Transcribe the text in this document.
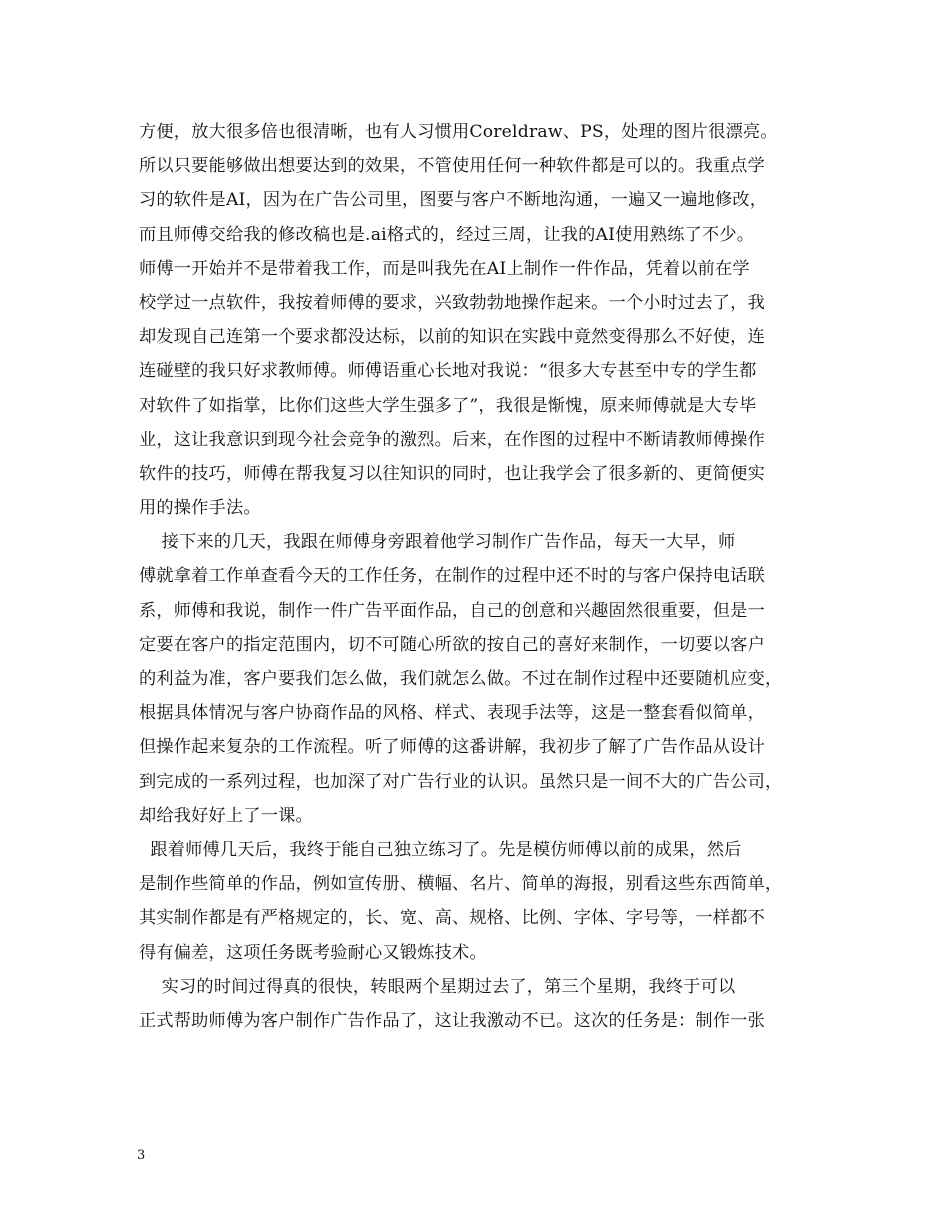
方便，放大很多倍也很清晰，也有人习惯用Coreldraw、PS，处理的图片很漂亮。
所以只要能够做出想要达到的效果，不管使用任何一种软件都是可以的。我重点学
习的软件是AI，因为在广告公司里，图要与客户不断地沟通，一遍又一遍地修改，
而且师傅交给我的修改稿也是.ai格式的，经过三周，让我的AI使用熟练了不少。
师傅一开始并不是带着我工作，而是叫我先在AI上制作一件作品，凭着以前在学
校学过一点软件，我按着师傅的要求，兴致勃勃地操作起来。一个小时过去了，我
却发现自己连第一个要求都没达标，以前的知识在实践中竟然变得那么不好使，连
连碰壁的我只好求教师傅。师傅语重心长地对我说：“很多大专甚至中专的学生都
对软件了如指掌，比你们这些大学生强多了”，我很是惭愧，原来师傅就是大专毕
业，这让我意识到现今社会竞争的激烈。后来，在作图的过程中不断请教师傅操作
软件的技巧，师傅在帮我复习以往知识的同时，也让我学会了很多新的、更简便实
用的操作手法。
接下来的几天，我跟在师傅身旁跟着他学习制作广告作品，每天一大早，师
傅就拿着工作单查看今天的工作任务，在制作的过程中还不时的与客户保持电话联
系，师傅和我说，制作一件广告平面作品，自己的创意和兴趣固然很重要，但是一
定要在客户的指定范围内，切不可随心所欲的按自己的喜好来制作，一切要以客户
的利益为准，客户要我们怎么做，我们就怎么做。不过在制作过程中还要随机应变，
根据具体情况与客户协商作品的风格、样式、表现手法等，这是一整套看似简单，
但操作起来复杂的工作流程。听了师傅的这番讲解，我初步了解了广告作品从设计
到完成的一系列过程，也加深了对广告行业的认识。虽然只是一间不大的广告公司，
却给我好好上了一课。
跟着师傅几天后，我终于能自己独立练习了。先是模仿师傅以前的成果，然后
是制作些简单的作品，例如宣传册、横幅、名片、简单的海报，别看这些东西简单，
其实制作都是有严格规定的，长、宽、高、规格、比例、字体、字号等，一样都不
得有偏差，这项任务既考验耐心又锻炼技术。
实习的时间过得真的很快，转眼两个星期过去了，第三个星期，我终于可以
正式帮助师傅为客户制作广告作品了，这让我激动不已。这次的任务是：制作一张
3
